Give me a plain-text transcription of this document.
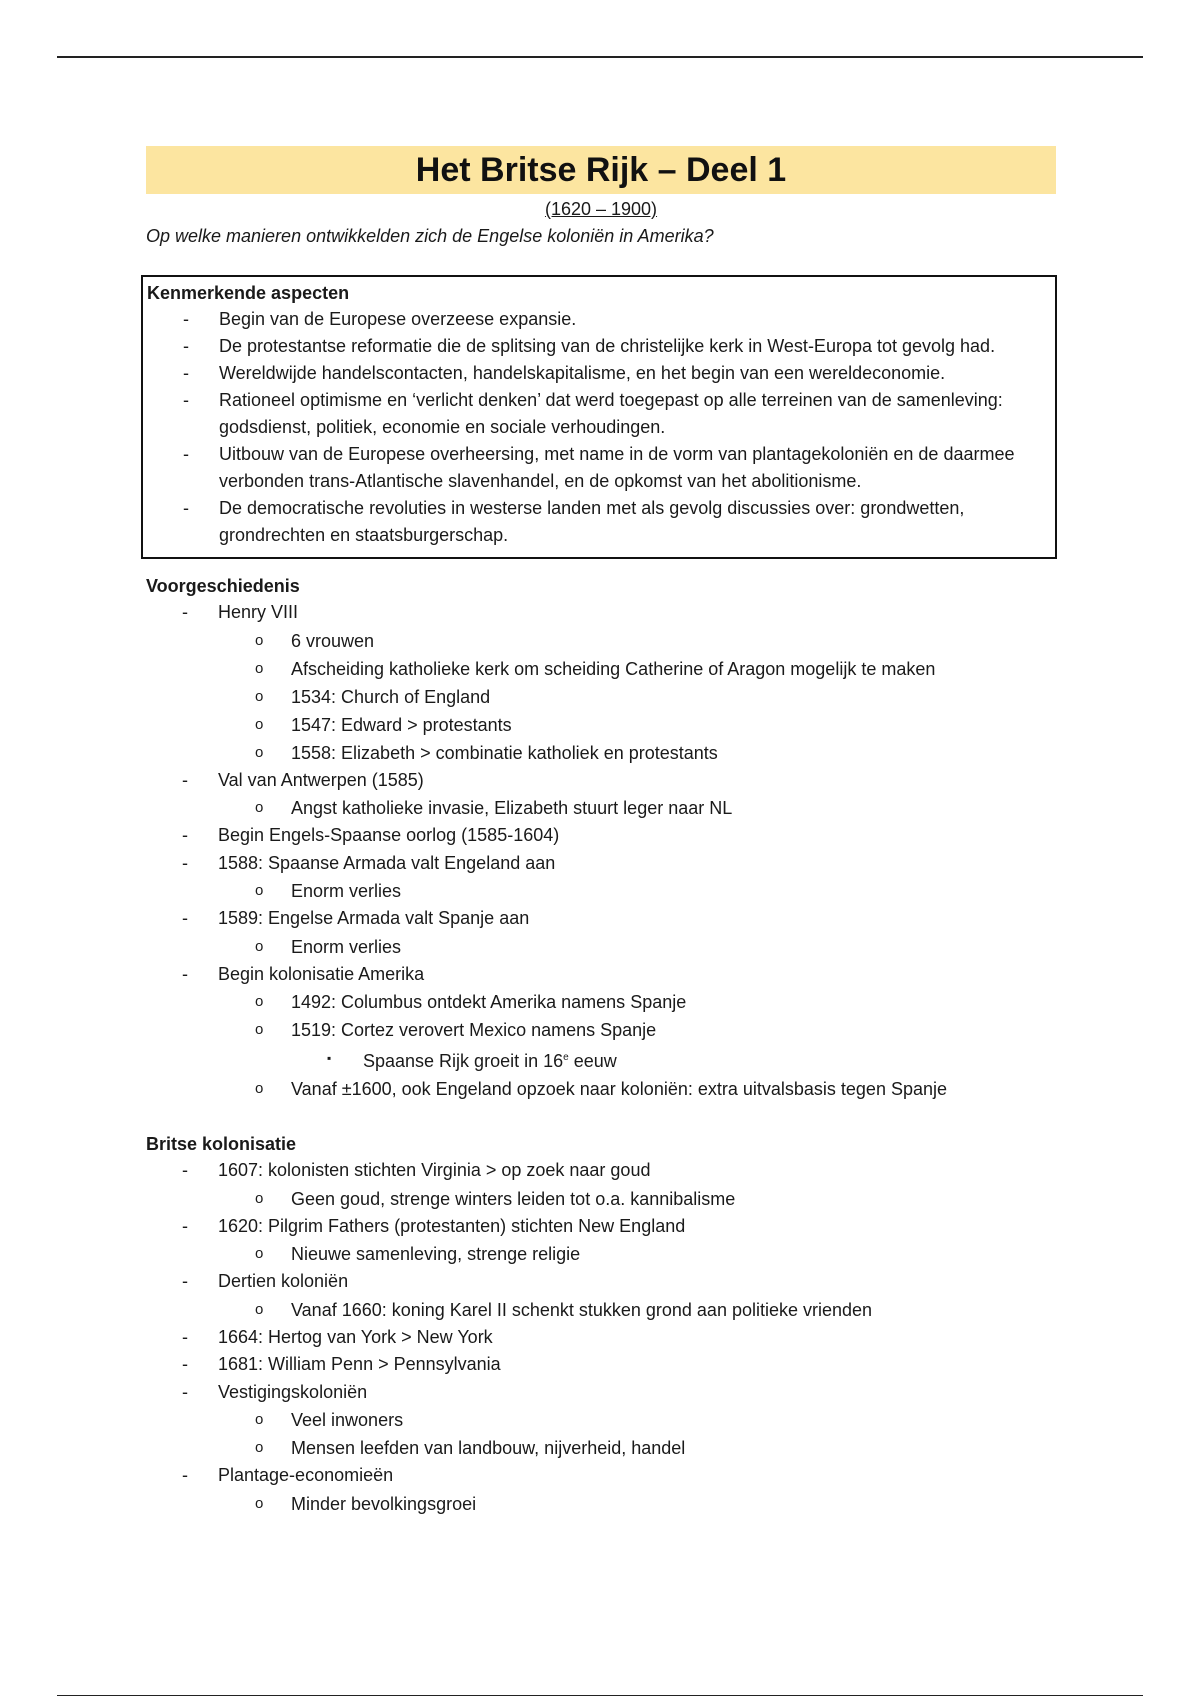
Het Britse Rijk – Deel 1
(1620 – 1900)
Op welke manieren ontwikkelden zich de Engelse koloniën in Amerika?
Kenmerkende aspecten
- Begin van de Europese overzeese expansie.
- De protestantse reformatie die de splitsing van de christelijke kerk in West-Europa tot gevolg had.
- Wereldwijde handelscontacten, handelskapitalisme, en het begin van een wereldeconomie.
- Rationeel optimisme en ‘verlicht denken’ dat werd toegepast op alle terreinen van de samenleving: godsdienst, politiek, economie en sociale verhoudingen.
- Uitbouw van de Europese overheersing, met name in de vorm van plantagekoloniën en de daarmee verbonden trans-Atlantische slavenhandel, en de opkomst van het abolitionisme.
- De democratische revoluties in westerse landen met als gevolg discussies over: grondwetten, grondrechten en staatsburgerschap.
Voorgeschiedenis
- Henry VIII
o 6 vrouwen
o Afscheiding katholieke kerk om scheiding Catherine of Aragon mogelijk te maken
o 1534: Church of England
o 1547: Edward > protestants
o 1558: Elizabeth > combinatie katholiek en protestants
- Val van Antwerpen (1585)
o Angst katholieke invasie, Elizabeth stuurt leger naar NL
- Begin Engels-Spaanse oorlog (1585-1604)
- 1588: Spaanse Armada valt Engeland aan
o Enorm verlies
- 1589: Engelse Armada valt Spanje aan
o Enorm verlies
- Begin kolonisatie Amerika
o 1492: Columbus ontdekt Amerika namens Spanje
o 1519: Cortez verovert Mexico namens Spanje
▪ Spaanse Rijk groeit in 16e eeuw
o Vanaf ±1600, ook Engeland opzoek naar koloniën: extra uitvalsbasis tegen Spanje
Britse kolonisatie
- 1607: kolonisten stichten Virginia > op zoek naar goud
o Geen goud, strenge winters leiden tot o.a. kannibalisme
- 1620: Pilgrim Fathers (protestanten) stichten New England
o Nieuwe samenleving, strenge religie
- Dertien koloniën
o Vanaf 1660: koning Karel II schenkt stukken grond aan politieke vrienden
- 1664: Hertog van York > New York
- 1681: William Penn > Pennsylvania
- Vestigingskoloniën
o Veel inwoners
o Mensen leefden van landbouw, nijverheid, handel
- Plantage-economieën
o Minder bevolkingsgroei
